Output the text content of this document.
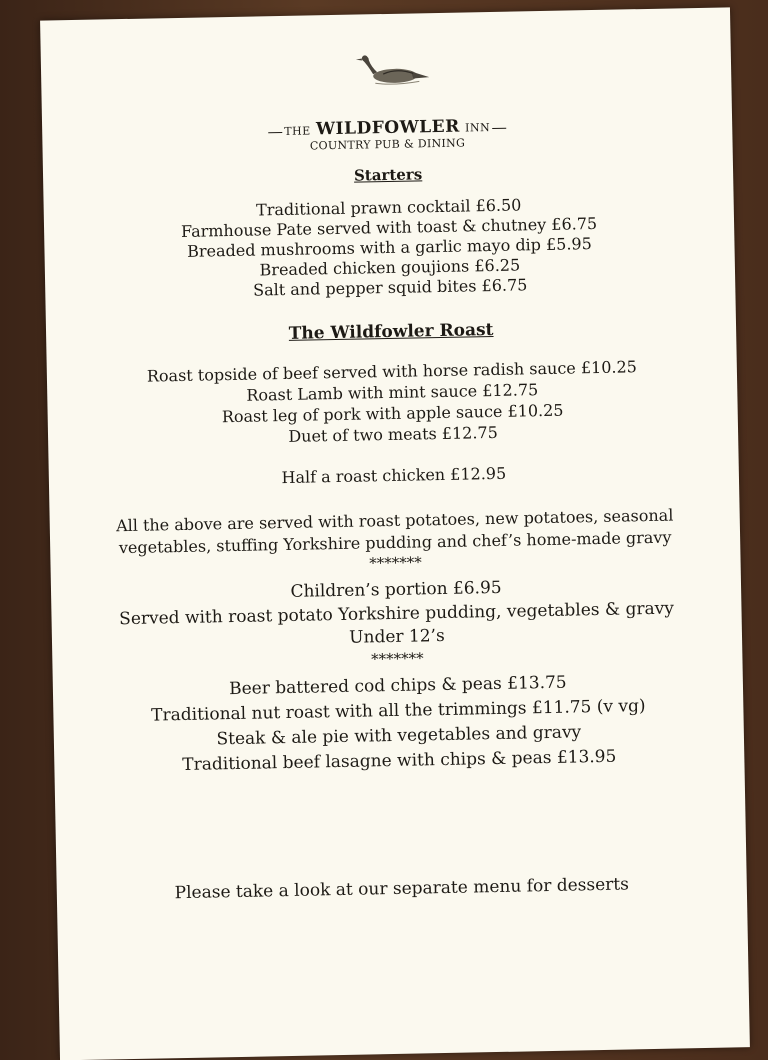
THE WILDFOWLER INN
COUNTRY PUB & DINING
Starters
Traditional prawn cocktail £6.50
Farmhouse Pate served with toast & chutney £6.75
Breaded mushrooms with a garlic mayo dip £5.95
Breaded chicken goujions £6.25
Salt and pepper squid bites £6.75
The Wildfowler Roast
Roast topside of beef served with horse radish sauce £10.25
Roast Lamb with mint sauce £12.75
Roast leg of pork with apple sauce £10.25
Duet of two meats £12.75
Half a roast chicken £12.95
All the above are served with roast potatoes, new potatoes, seasonal
vegetables, stuffing Yorkshire pudding and chef’s home-made gravy
*******
Children’s portion £6.95
Served with roast potato Yorkshire pudding, vegetables & gravy
Under 12’s
*******
Beer battered cod chips & peas £13.75
Traditional nut roast with all the trimmings £11.75 (v vg)
Steak & ale pie with vegetables and gravy
Traditional beef lasagne with chips & peas £13.95
Please take a look at our separate menu for desserts
